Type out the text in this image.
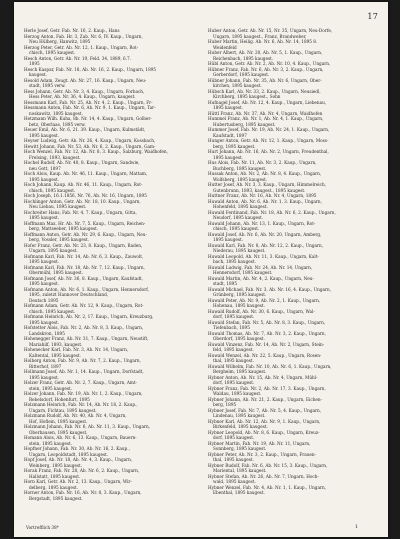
17
Herle Josef, Getr. Fab. Nr. 16, 2. Kaup., Hans
Herzog Anton, Fab. Hr. 3, Zab. Nr. 6, IV. Kaup., Ungarn,
Neu Hülberg, Hanwitz, 1895
Herzog Peter, Getr. Ab. Nr. 12, 1. Kaup., Ungarn, Rot-
chisch, 1895 kaugest.
Hesch Anton, Getr. Ab. Nr. 19, Feld. 34, 1889, 6.7.
1895
Hesch Kaspar, Fab. Nr. 18, Ab. Nr. 16, 2. Kaup., Ungarn, 1895
kaugest.
Hesold Adam, Zeugt. Ab. Nr. 27, 16. Kaup., Ungarn, Neu-
stadt, 1895 verw.
Hess Johann, Getr. Ab. Nr. 3, 4. Kaup., Ungarn, Forbach,
Hess Peter, Ab. Nr. 36, 4. Kaup., Ungarn, kaugest.
Hessmann Karl, Fab. Nr. 25, Ab. Nr. 4, 2. Kaup., Ungarn, Fr-
Hessmann Anton, Fab. Nr. 6, Ab. Nr. 9, 1. Kaup., Ungarn, Tar-
noskawitz, 1895 kaugest.
Hetzmann Wilh. Kuha, 8b. Nr. 14, 4. Kaup., Ungarn, Golber-
betz, Oberlaas, 1895 verw.
Heuer Emil, Ab. Nr. 6, 21. 39. Kaup., Ungarn, Kulmstädt,
1895 kaugest.
Heyser Ludwig, Getr. Ab. Nr. 26, 4. Kaup., Ungarn, Kossbach,
Hewitt Johann, Fab. Nr. 53, Ab. Nr. 6, 2. Kaup., Ungarn, Gam-
Hoch Wenzel, Fab. Nr. 12, Ab. Nr. 8, 3. Kaup., Salzburg, Waidhofen,
Frelsing, 1893, kaugest.
Hochel Rudolf, Ab. Nr. 40, 8. Kaup., Ungarn, Sandwie,
neu Gott, 1897
Hoch Alois, Kaup. Ab. Nr. 46, 11. Kaup., Ungarn, Mattam,
1895 kaugest.
Hoch Johann, Kaup. Ab. Nr. 46, 11. Kaup., Ungarn, Rot-
chisch, 1895 kaugest.
Hoch Joseph, 16.1.1856, Nr. 76, Ab. Nr. 16, Ungarn, 1895
Hochlinger Anton, Getr. Ab. Nr. 18, 10. Kaup., Ungarn,
Neu Liebau, 1895 kaugest.
Hochreiter Hans, Fab. Nr. 4, 7. Kaup., Ungarn, Gitta,
1895 kaugest.
Hoffmann Max, Hr. Ab. Nr. 7, 5. Kaup., Ungarn, Reichen-
berg, Mattseeber, 1895 kaugest.
Hoffmann Anton, Getr. Ab. Nr. 29, 6. Kaup., Ungarn, Neu-
berg, Vossler, 1895 kaugest.
Hofer Franz, Getr. Ab. Nr. 23, 8. Kaup., Ungarn, Baden,
Ungarn, 1895 kaugest.
Hofmann Karl, Fab. Nr. 14, Ab. Nr. 6, 3. Kaup., Zauwolt,
1895 kaugest.
Hofmann Karl, Fab. Nr. 18, Ab. Nr. 7, 12. Kaup., Ungarn,
Obermühl, 1895 kaugest.
Hofmann Josef, Ab. Nr. 36, 8. Kaup., Ungarn, Kaufstadt,
1895 kaugest.
Hofmann Anton, Ab. Nr. 6, 1. Kaup., Ungarn, Hennersdorf,
1895, zuletzt Hannover Deutschland,
Deutsch 1895
Hofmann Adam, Getr. Ab. Nr. 12, 9. Kaup., Ungarn, Rot-
chisch, 1895 kaugest.
Hofmann Heinrich, Ab. Nr. 2, 17. Kaup., Ungarn, Kreuzburg,
1895 kaugest.
Hofstetter Alois, Fab. Nr. 2, Ab. Nr. 8, 3. Kaup., Ungarn,
Landskron, 1895
Hohenegger Franz, Ab. Nr. 31, 7. Kaup., Ungarn, Neustift,
Mariahilf, 1893, kaugest.
Hohenecker Karl, Fab. Nr. 3, Ab. Nr. 14, Ungarn,
Kaltental, 1895 kaugest.
Holberg Anton, Fab. Nr. 9, Ab. Nr. 7, 2. Kaup., Ungarn,
Ritterhof, 1897
Hollmann Josef, Ab. Nr. 1, 14. Kaup., Ungarn, Dorfstadt,
1895 kaugest.
Holzer Franz, Getr. Ab. Nr. 2, 7. Kaup., Ungarn, Amt-
stein, 1895 kaugest.
Holzer Johann, Fab. Nr. 19, Ab. Nr. 1, 2. Kaup., Ungarn,
Rebelsdorf, Hohenfurt, 1895
Holzmann Heinrich, Fab. Nr. 14, Ab. Nr. 18, 2. Kaup.,
Ungarn, Fichtau, 1895 kaugest.
Holzmann Rudolf, Ab. Nr. 40, Ab. Nr. 4, Ungarn,
Hof, Hoflein, 1895 kaugest.
Holzmann Johann, Fab. Nr. 6, Ab. Nr. 11, 3. Kaup., Ungarn,
Oberhausen, 1895 kaugest.
Homann Alois, Ab. Nr. 6, 13. Kaup., Ungarn, Bauern-
stein, 1895 kaugest.
Hopfner Johann, Fab. Nr. 30, Ab. Nr. 16, 2. Kaup.,
Ungarn, Leopoldstadt, 1895 kaugest.
Hopf Josef, Ab. Nr. 18, Ab. Nr. 4, 3. Kaup., Ungarn,
Weinberg, 1895 kaugest.
Horak Franz, Fab. Nr. 28, Ab. Nr. 6, 2. Kaup., Ungarn,
Hallstatt, 1895 kaugest.
Horn Karl, Getr. Ab. Nr. 2, 13. Kaup., Ungarn, Wir-
delberg, 1895 kaugest.
Horner Anton, Fab. Nr. 16, Ab. Nr. 8, 3. Kaup., Ungarn,
Bergstadt, 1895 kaugest.
Huber Anton, Getr. Ab. Nr. 15, Nr. 35, Ungarn, Neu-Dorfe,
Ungarn, 1895 kaugest., Franz, Brandweber,
Huber Martin, Heilig. Ab. Nr. 6, Ab. Nr. 14, 1895 8.
Weidenfeld
Huber Albert, Ab. Nr. 20, Ab. Nr. 5, 1. Kaup., Ungarn,
Reichenbach, 1895 kaugest.
Hübl Anton, Getr. Ab. Nr. 2, Ab. Nr. 10, 4. Kaup., Ungarn,
Hübner Franz, Fab. Nr. 6, Ab. Nr. 3, 2. Kaup., Ungarn,
Gerberdorf, 1895 kaugest.
Hübner Johann, Fab. Nr. 35, Ab. Nr. 6, Ungarn, Ober-
kirchen, 1895 kaugest.
Hübsch Karl, Ab. Nr. 33, 2. Kaup., Ungarn, Neusiedl,
Kirchberg, 1895 kaugest., Sohn
Hufnagel Josef, Ab. Nr. 12, 4. Kaup., Ungarn, Liebenau,
1895 kaugest.
Hüttl Franz, Ab. Nr. 37, Ab. Nr. 4, Ungarn, Waidhofen
Hummel Franz, Ab. Nr. 1, Ab. Nr. 4, 1. Kaup., Ungarn,
Hubertusberg, 1895 kaugest.
Hummer Josef, Fab. Nr. 19, Ab. Nr. 24, 1. Kaup., Ungarn,
Kaufstadt, 1897
Hunger Anton, Getr. Ab. Nr. 12, 1. Kaup., Ungarn, Moss-
berg, 1895 kaugest.
Hurt Johann, Ab. Nr. 16, Ab. Nr. 2, Ungarn, Freudenthal,
1895 kaugest.
Hus Alois, Fab. Nr. 11, Ab. Nr. 3, 2. Kaup., Ungarn,
Buchberg, 1895 kaugest.
Hussak Anton, Ab. Nr. 2, Ab. Nr. 8, 4. Kaup., Ungarn,
Wolfsberg, 1895 kaugest.
Hutter Josef, Ab. Nr. 3, 3. Kaup., Ungarn, Himmelreich,
Gutenbrunn, 1893, kaugest., 1895 kaugest.
Huttner Franz, Ab. Nr. 16, Ab. Nr. 4, Ungarn, 1895
Huwald Anton, Ab. Nr. 6, Ab. Nr. 1, 3. Kaup., Ungarn,
Hohenfeld, 1895 kaugest.
Huwald Ferdinand, Fab. Nr. 18, Ab. Nr. 6, 2. Kaup., Ungarn,
Neudorf, 1895 kaugest.
Huwald Johann, Ab. Nr. 13, 1. Kaup., Ungarn, Rot-
chisch, 1895 kaugest.
Huwald Josef, Ab. Nr. 6, Ab. Nr. 20, Ungarn, Amberg,
1895 kaugest.
Huwald Karl, Fab. Nr. 8, Ab. Nr. 12, 2. Kaup., Ungarn,
Niederau, 1895 kaugest.
Huwald Leopold, Ab. Nr. 11, 3. Kaup., Ungarn, Kalt-
bach, 1895 kaugest.
Huwald Ludwig, Fab. Nr. 24, Ab. Nr. 14, Ungarn,
Hennersdorf, 1895 kaugest.
Huwald Martin, Ab. Nr. 4, 2. Kaup., Ungarn, Neu-
stadt, 1895
Huwald Michael, Fab. Nr. 3, Ab. Nr. 16, 4. Kaup., Ungarn,
Grünberg, 1895 kaugest.
Huwald Peter, Ab. Nr. 9, Ab. Nr. 2, 1. Kaup., Ungarn,
Hohenau, 1895 kaugest.
Huwald Rudolf, Ab. Nr. 30, 6. Kaup., Ungarn, Wal-
dorf, 1895 kaugest.
Huwald Stefan, Fab. Nr. 5, Ab. Nr. 8, 3. Kaup., Ungarn,
Tiefenbach, 1895
Huwald Thomas, Ab. Nr. 7, Ab. Nr. 3, 2. Kaup., Ungarn,
Oberdorf, 1895 kaugest.
Huwald Vinzenz, Fab. Nr. 14, Ab. Nr. 2, Ungarn, Stein-
feld, 1895 kaugest.
Huwald Wenzel, Ab. Nr. 22, 5. Kaup., Ungarn, Rosen-
thal, 1895 kaugest.
Huwald Wilhelm, Fab. Nr. 10, Ab. Nr. 6, 1. Kaup., Ungarn,
Bergheim, 1895 kaugest.
Hybner Anton, Ab. Nr. 15, Ab. Nr. 4, Ungarn, Mühl-
dorf, 1895 kaugest.
Hybner Franz, Fab. Nr. 2, Ab. Nr. 17, 3. Kaup., Ungarn,
Waldau, 1895 kaugest.
Hybner Johann, Ab. Nr. 21, 2. Kaup., Ungarn, Eichen-
berg, 1895
Hybner Josef, Fab. Nr. 7, Ab. Nr. 5, 4. Kaup., Ungarn,
Lindenau, 1895 kaugest.
Hybner Karl, Ab. Nr. 12, Ab. Nr. 9, 1. Kaup., Ungarn,
Birkenfeld, 1895 kaugest.
Hybner Leopold, Ab. Nr. 8, 6. Kaup., Ungarn, Kreuz-
dorf, 1895 kaugest.
Hybner Martin, Fab. Nr. 19, Ab. Nr. 11, Ungarn,
Sonnberg, 1895 kaugest.
Hybner Peter, Ab. Nr. 3, 2. Kaup., Ungarn, Frauen-
thal, 1895 kaugest.
Hybner Rudolf, Fab. Nr. 6, Ab. Nr. 15, 3. Kaup., Ungarn,
Mariental, 1895 kaugest.
Hybner Stefan, Ab. Nr. 26, Ab. Nr. 7, Ungarn, Hoch-
wald, 1895 kaugest.
Hybner Wenzel, Fab. Nr. 4, Ab. Nr. 1, 1. Kaup., Ungarn,
Ebenthal, 1895 kaugest.
Vortrefflich 38*	1
